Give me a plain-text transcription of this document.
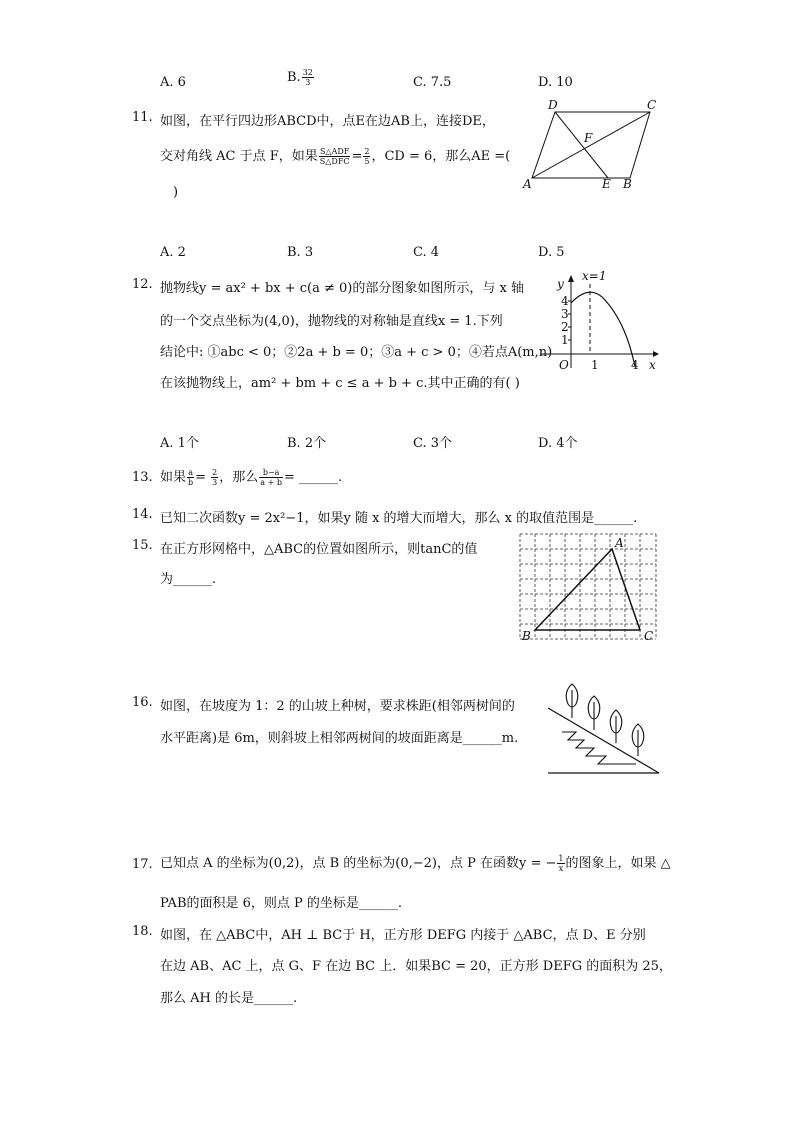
A. 6	B. $\frac{32}{3}$	C. 7.5	D. 10
11. 如图，在平行四边形ABCD中，点E在边AB上，连接DE，
交对角线 AC 于点 F，如果 $\frac{\text{S△ADF}}{\text{S△DFC}} = \frac{2}{5}$ ，CD = 6，那么AE =(
)
D	C
F
A	E B
A. 2	B. 3	C. 4	D. 5
12. 抛物线y = ax² + bx + c(a ≠ 0)的部分图象如图所示，与 x 轴
的一个交点坐标为(4,0)，抛物线的对称轴是直线x = 1.下列
结论中: ①abc < 0；②2a + b = 0；③a + c > 0；④若点A(m,n)
在该抛物线上，am² + bm + c ≤ a + b + c.其中正确的有( )
y
x=1
4
3
2
1
O 1	4 x
A. 1个	B. 2个	C. 3个	D. 4个
13. 如果 $\frac{a}{b} = \frac{2}{3}$ ，那么 $\frac{b-a}{a + b}$ = ______.
14. 已知二次函数y = 2x²−1，如果y 随 x 的增大而增大，那么 x 的取值范围是______.
15. 在正方形网格中，△ABC的位置如图所示，则tanC的值
为______.
A
B	C
16. 如图，在坡度为 1：2 的山坡上种树，要求株距(相邻两树间的
水平距离)是 6m，则斜坡上相邻两树间的坡面距离是______m.
17. 已知点 A 的坐标为(0,2)，点 B 的坐标为(0,−2)，点 P 在函数y = − $\frac{1}{x}$ 的图象上，如果 △
PAB的面积是 6，则点 P 的坐标是______.
18. 如图，在 △ABC中，AH ⊥ BC于 H，正方形 DEFG 内接于 △ABC，点 D、E 分别
在边 AB、AC 上，点 G、F 在边 BC 上．如果BC = 20，正方形 DEFG 的面积为 25，
那么 AH 的长是______.
